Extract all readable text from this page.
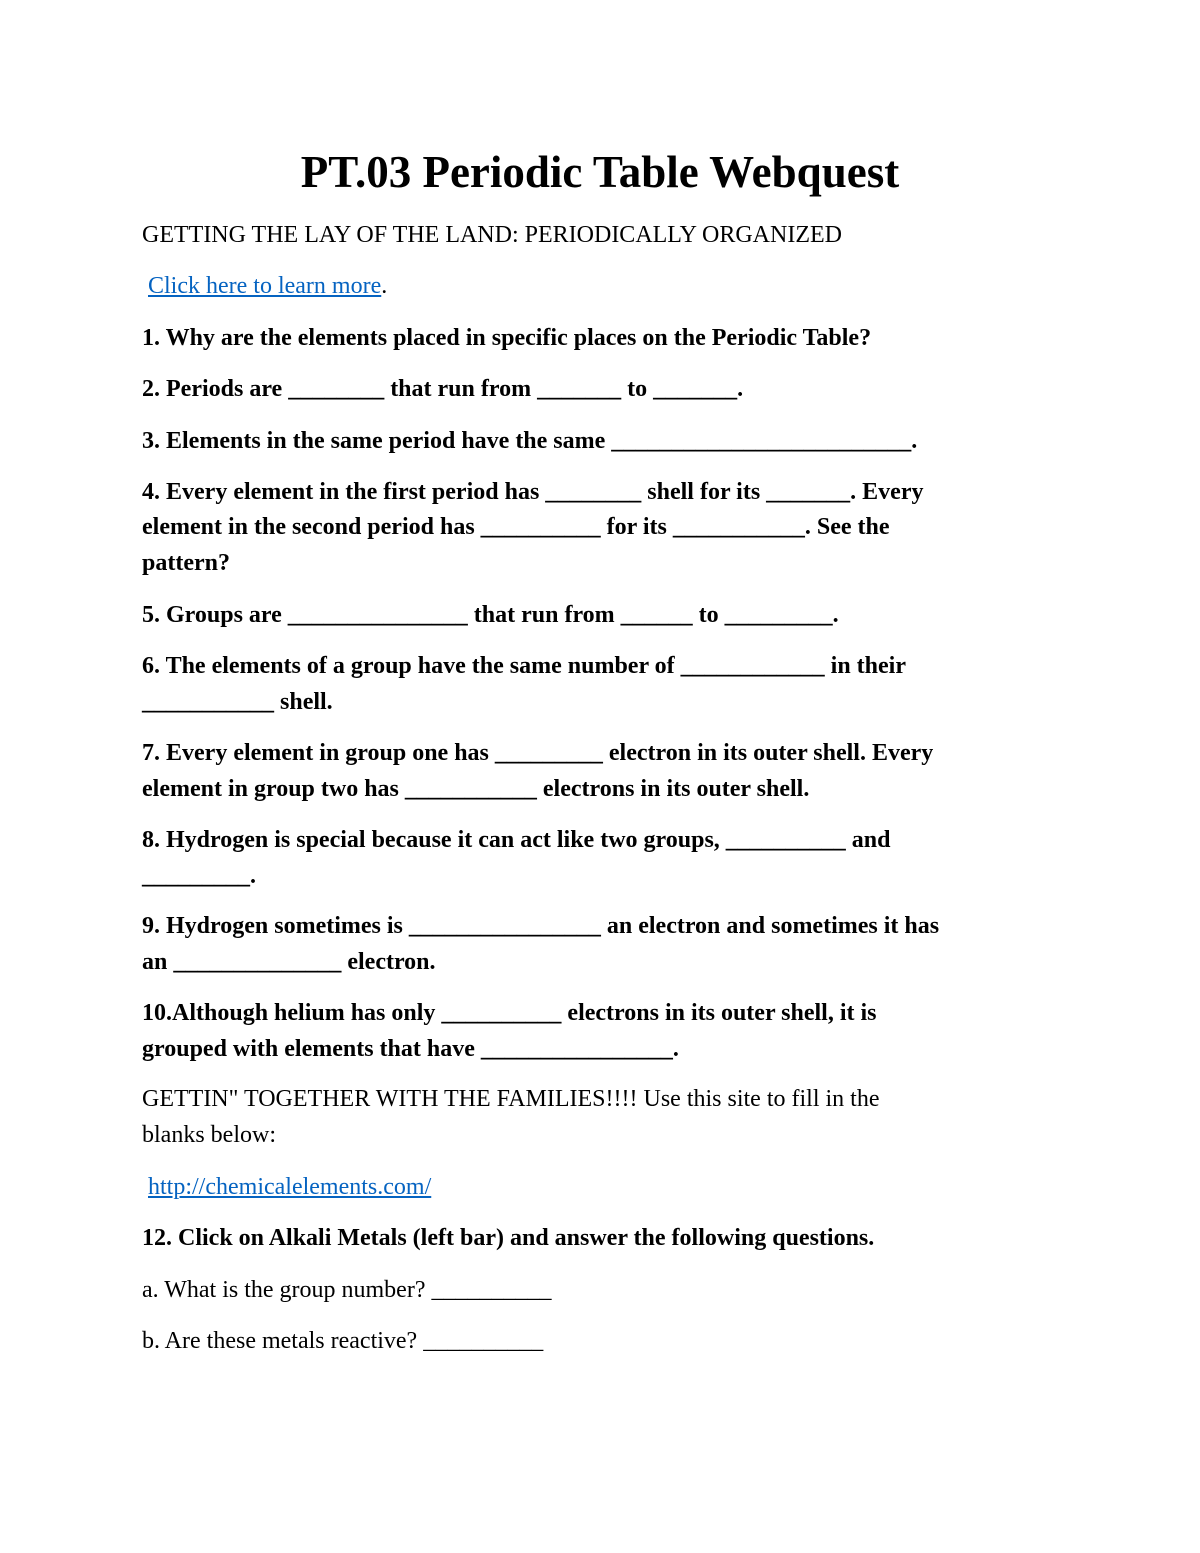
PT.03 Periodic Table Webquest
GETTING THE LAY OF THE LAND: PERIODICALLY ORGANIZED
Click here to learn more.
1. Why are the elements placed in specific places on the Periodic Table?
2. Periods are ________ that run from _______ to _______.
3. Elements in the same period have the same _________________________.
4. Every element in the first period has ________ shell for its _______. Every
element in the second period has __________ for its ___________. See the
pattern?
5. Groups are _______________ that run from ______ to _________.
6. The elements of a group have the same number of ____________ in their
___________ shell.
7. Every element in group one has _________ electron in its outer shell. Every
element in group two has ___________ electrons in its outer shell.
8. Hydrogen is special because it can act like two groups, __________ and
_________.
9. Hydrogen sometimes is ________________ an electron and sometimes it has
an ______________ electron.
10.Although helium has only __________ electrons in its outer shell, it is
grouped with elements that have ________________.
GETTIN" TOGETHER WITH THE FAMILIES!!!! Use this site to fill in the
blanks below:
http://chemicalelements.com/
12. Click on Alkali Metals (left bar) and answer the following questions.
a. What is the group number? __________
b. Are these metals reactive? __________
